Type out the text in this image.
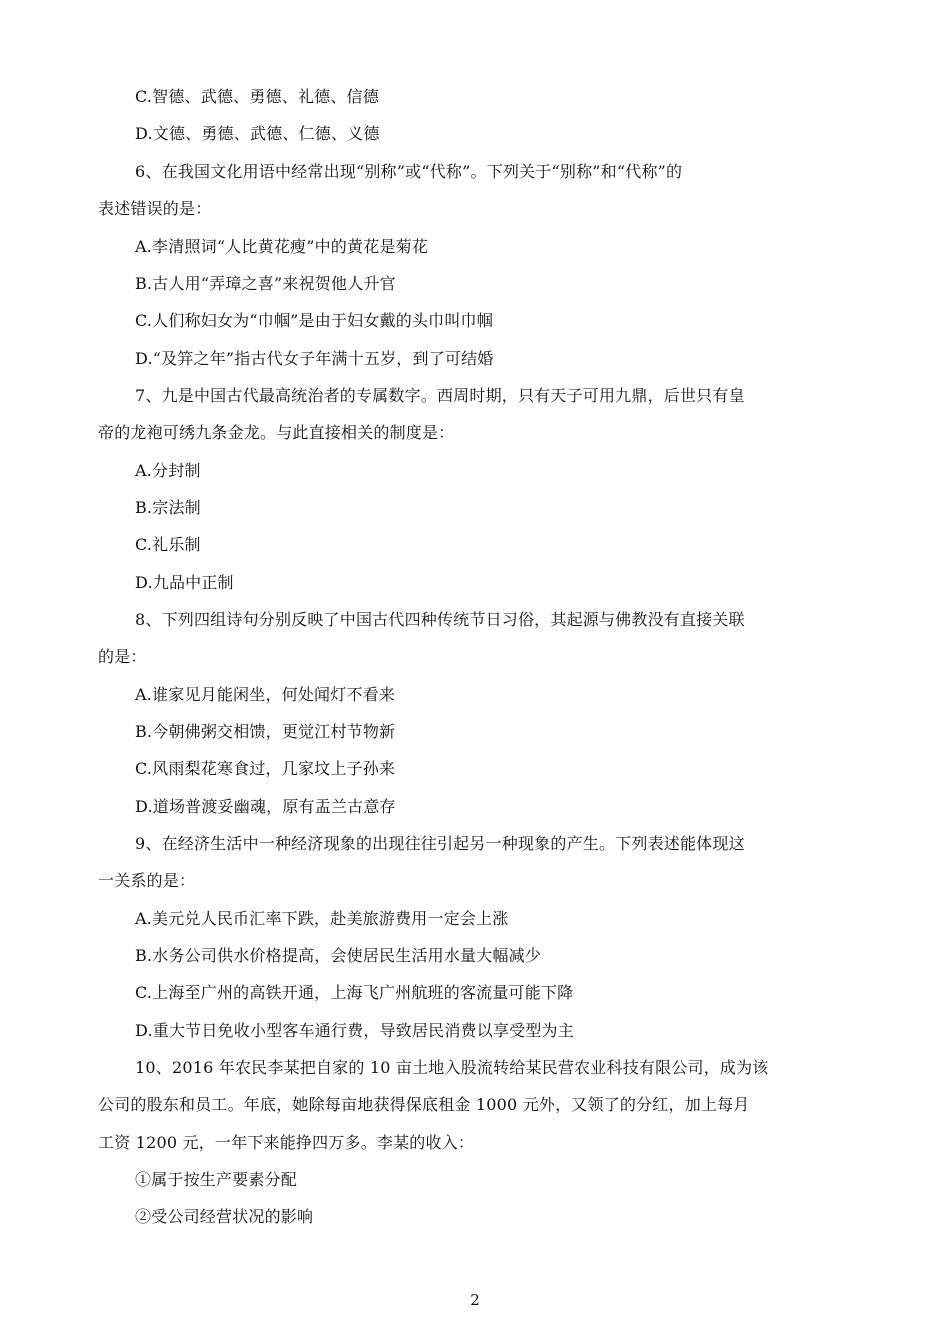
C.智德、武德、勇德、礼德、信德
D.文德、勇德、武德、仁德、义德
6、在我国文化用语中经常出现“别称”或“代称”。下列关于“别称”和“代称”的
表述错误的是：
A.李清照词“人比黄花瘦”中的黄花是菊花
B.古人用“弄璋之喜”来祝贺他人升官
C.人们称妇女为“巾帼”是由于妇女戴的头巾叫巾帼
D.“及笄之年”指古代女子年满十五岁，到了可结婚
7、九是中国古代最高统治者的专属数字。西周时期，只有天子可用九鼎，后世只有皇
帝的龙袍可绣九条金龙。与此直接相关的制度是：
A.分封制
B.宗法制
C.礼乐制
D.九品中正制
8、下列四组诗句分别反映了中国古代四种传统节日习俗，其起源与佛教没有直接关联
的是：
A.谁家见月能闲坐，何处闻灯不看来
B.今朝佛粥交相馈，更觉江村节物新
C.风雨梨花寒食过，几家坟上子孙来
D.道场普渡妥幽魂，原有盂兰古意存
9、在经济生活中一种经济现象的出现往往引起另一种现象的产生。下列表述能体现这
一关系的是：
A.美元兑人民币汇率下跌，赴美旅游费用一定会上涨
B.水务公司供水价格提高，会使居民生活用水量大幅减少
C.上海至广州的高铁开通，上海飞广州航班的客流量可能下降
D.重大节日免收小型客车通行费，导致居民消费以享受型为主
10、2016 年农民李某把自家的 10 亩土地入股流转给某民营农业科技有限公司，成为该
公司的股东和员工。年底，她除每亩地获得保底租金 1000 元外，又领了的分红，加上每月
工资 1200 元，一年下来能挣四万多。李某的收入：
①属于按生产要素分配
②受公司经营状况的影响
2
